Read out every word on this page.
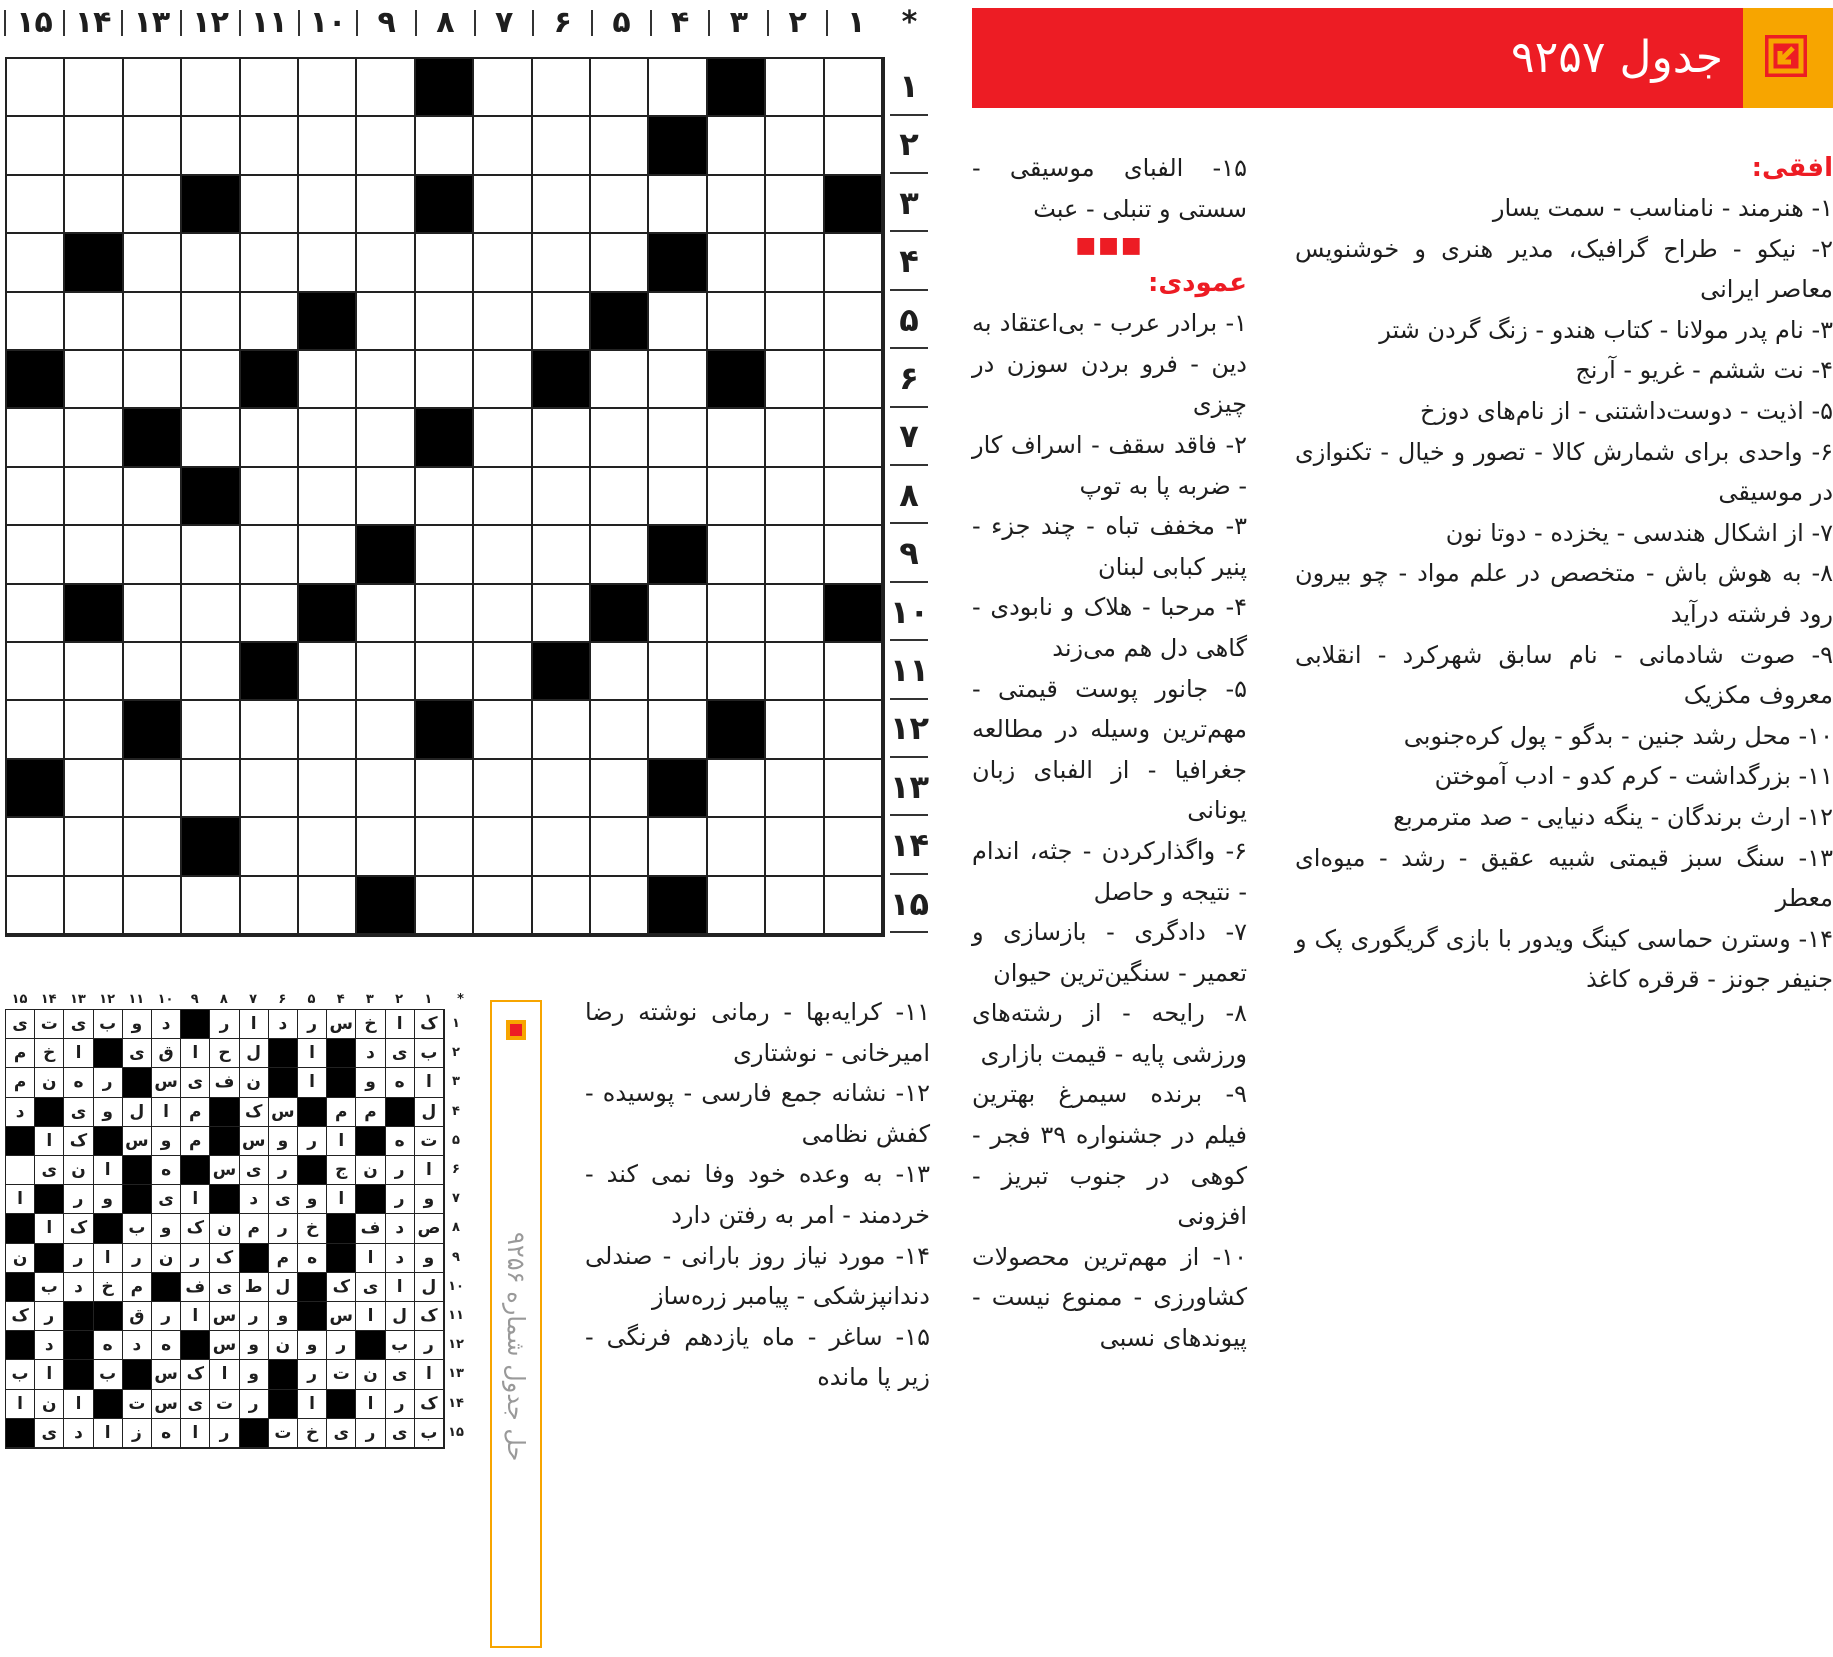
*
۱
۲
۳
۴
۵
۶
۷
۸
۹
۱۰
۱۱
۱۲
۱۳
۱۴
۱۵
۱
۲
۳
۴
۵
۶
۷
۸
۹
۱۰
۱۱
۱۲
۱۳
۱۴
۱۵
جدول ۹۲۵۷
افقی:

۱- هنرمند - نامناسب - سمت یسار

۲- نیکو - طراح گرافیک، مدیر هنری و خوشنویس معاصر ایرانی

۳- نام پدر مولانا - کتاب هندو - زنگ گردن شتر

۴- نت ششم - غریو - آرنج

۵- اذیت - دوست‌داشتنی - از نام‌های دوزخ

۶- واحدی برای شمارش کالا - تصور و خیال - تکنوازی در موسیقی

۷- از اشکال هندسی - یخزده - دوتا نون

۸- به هوش باش - متخصص در علم مواد - چو بیرون رود فرشته درآید

۹- صوت شادمانی - نام سابق شهرکرد - انقلابی معروف مکزیک

۱۰- محل رشد جنین - بدگو - پول کره‌جنوبی

۱۱- بزرگداشت - کرم کدو - ادب آموختن

۱۲- ارث برندگان - ینگه دنیایی - صد مترمربع

۱۳- سنگ سبز قیمتی شبیه عقیق - رشد - میوه‌ای معطر

۱۴- وسترن حماسی کینگ ویدور با بازی گریگوری پک و جنیفر جونز - قرقره کاغذ

۱۵- الفبای موسیقی - سستی و تنبلی - عبث

■■■
عمودی:

۱- برادر عرب - بی‌اعتقاد به دین - فرو بردن سوزن در چیزی

۲- فاقد سقف - اسراف کار - ضربه پا به توپ

۳- مخفف تباه - چند جزء - پنیر کبابی لبنان

۴- مرحبا - هلاک و نابودی - گاهی دل هم می‌زند

۵- جانور پوست قیمتی - مهم‌ترین وسیله در مطالعه جغرافیا - از الفبای زبان یونانی

۶- واگذارکردن - جثه، اندام - نتیجه و حاصل

۷- دادگری - بازسازی و تعمیر - سنگین‌ترین حیوان

۸- رایحه - از رشته‌های ورزشی پایه - قیمت بازاری

۹- برنده سیمرغ بهترین فیلم در جشنواره ۳۹ فجر - کوهی در جنوب تبریز - افزونی

۱۰- از مهم‌ترین محصولات کشاورزی - ممنوع نیست - پیوندهای نسبی

۱۱- کرایه‌بها - رمانی نوشته رضا امیرخانی - نوشتاری

۱۲- نشانه جمع فارسی - پوسیده - کفش نظامی

۱۳- به وعده خود وفا نمی کند - خردمند - امر به رفتن دارد

۱۴- مورد نیاز روز بارانی - صندلی دندانپزشکی - پیامبر زره‌ساز

۱۵- ساغر - ماه یازدهم فرنگی - زیر پا مانده

حل جدول شماره ۹۲۵۶
*
۱
۲
۳
۴
۵
۶
۷
۸
۹
۱۰
۱۱
۱۲
۱۳
۱۴
۱۵
ک
ا
خ
س
ر
د
ا
ر
د
و
ب
ی
ت
ی
ب
ی
د
ا
ل
ح
ا
ق
ی
ا
خ
م
ا
ه
و
ا
ن
ف
ی
س
ر
ه
ن
م
ل
م
م
س
ک
م
ا
ل
و
ی
د
ت
ه
ا
ر
و
س
م
و
س
ک
ا
ا
ر
ن
ج
ر
ی
س
ه
ا
ن
ی
و
ر
ا
و
ی
د
ا
ی
و
ر
ا
ص
د
ف
خ
ر
م
ن
ک
و
ب
ک
ا
و
د
ا
ه
م
ک
ر
ن
ر
ا
ر
ن
ل
ا
ی
ک
ل
ط
ی
ف
م
خ
د
ب
ک
ل
ا
س
و
ر
س
ا
ر
ق
ر
ک
ر
ب
ر
و
ن
و
س
ه
د
ه
د
ا
ی
ن
ت
ر
و
ا
ک
س
ب
ا
ب
ک
ر
ا
ا
ر
ت
ی
س
ت
ا
ن
ا
ب
ی
ر
ی
خ
ت
ر
ا
ه
ز
ا
د
ی
۱
۲
۳
۴
۵
۶
۷
۸
۹
۱۰
۱۱
۱۲
۱۳
۱۴
۱۵
